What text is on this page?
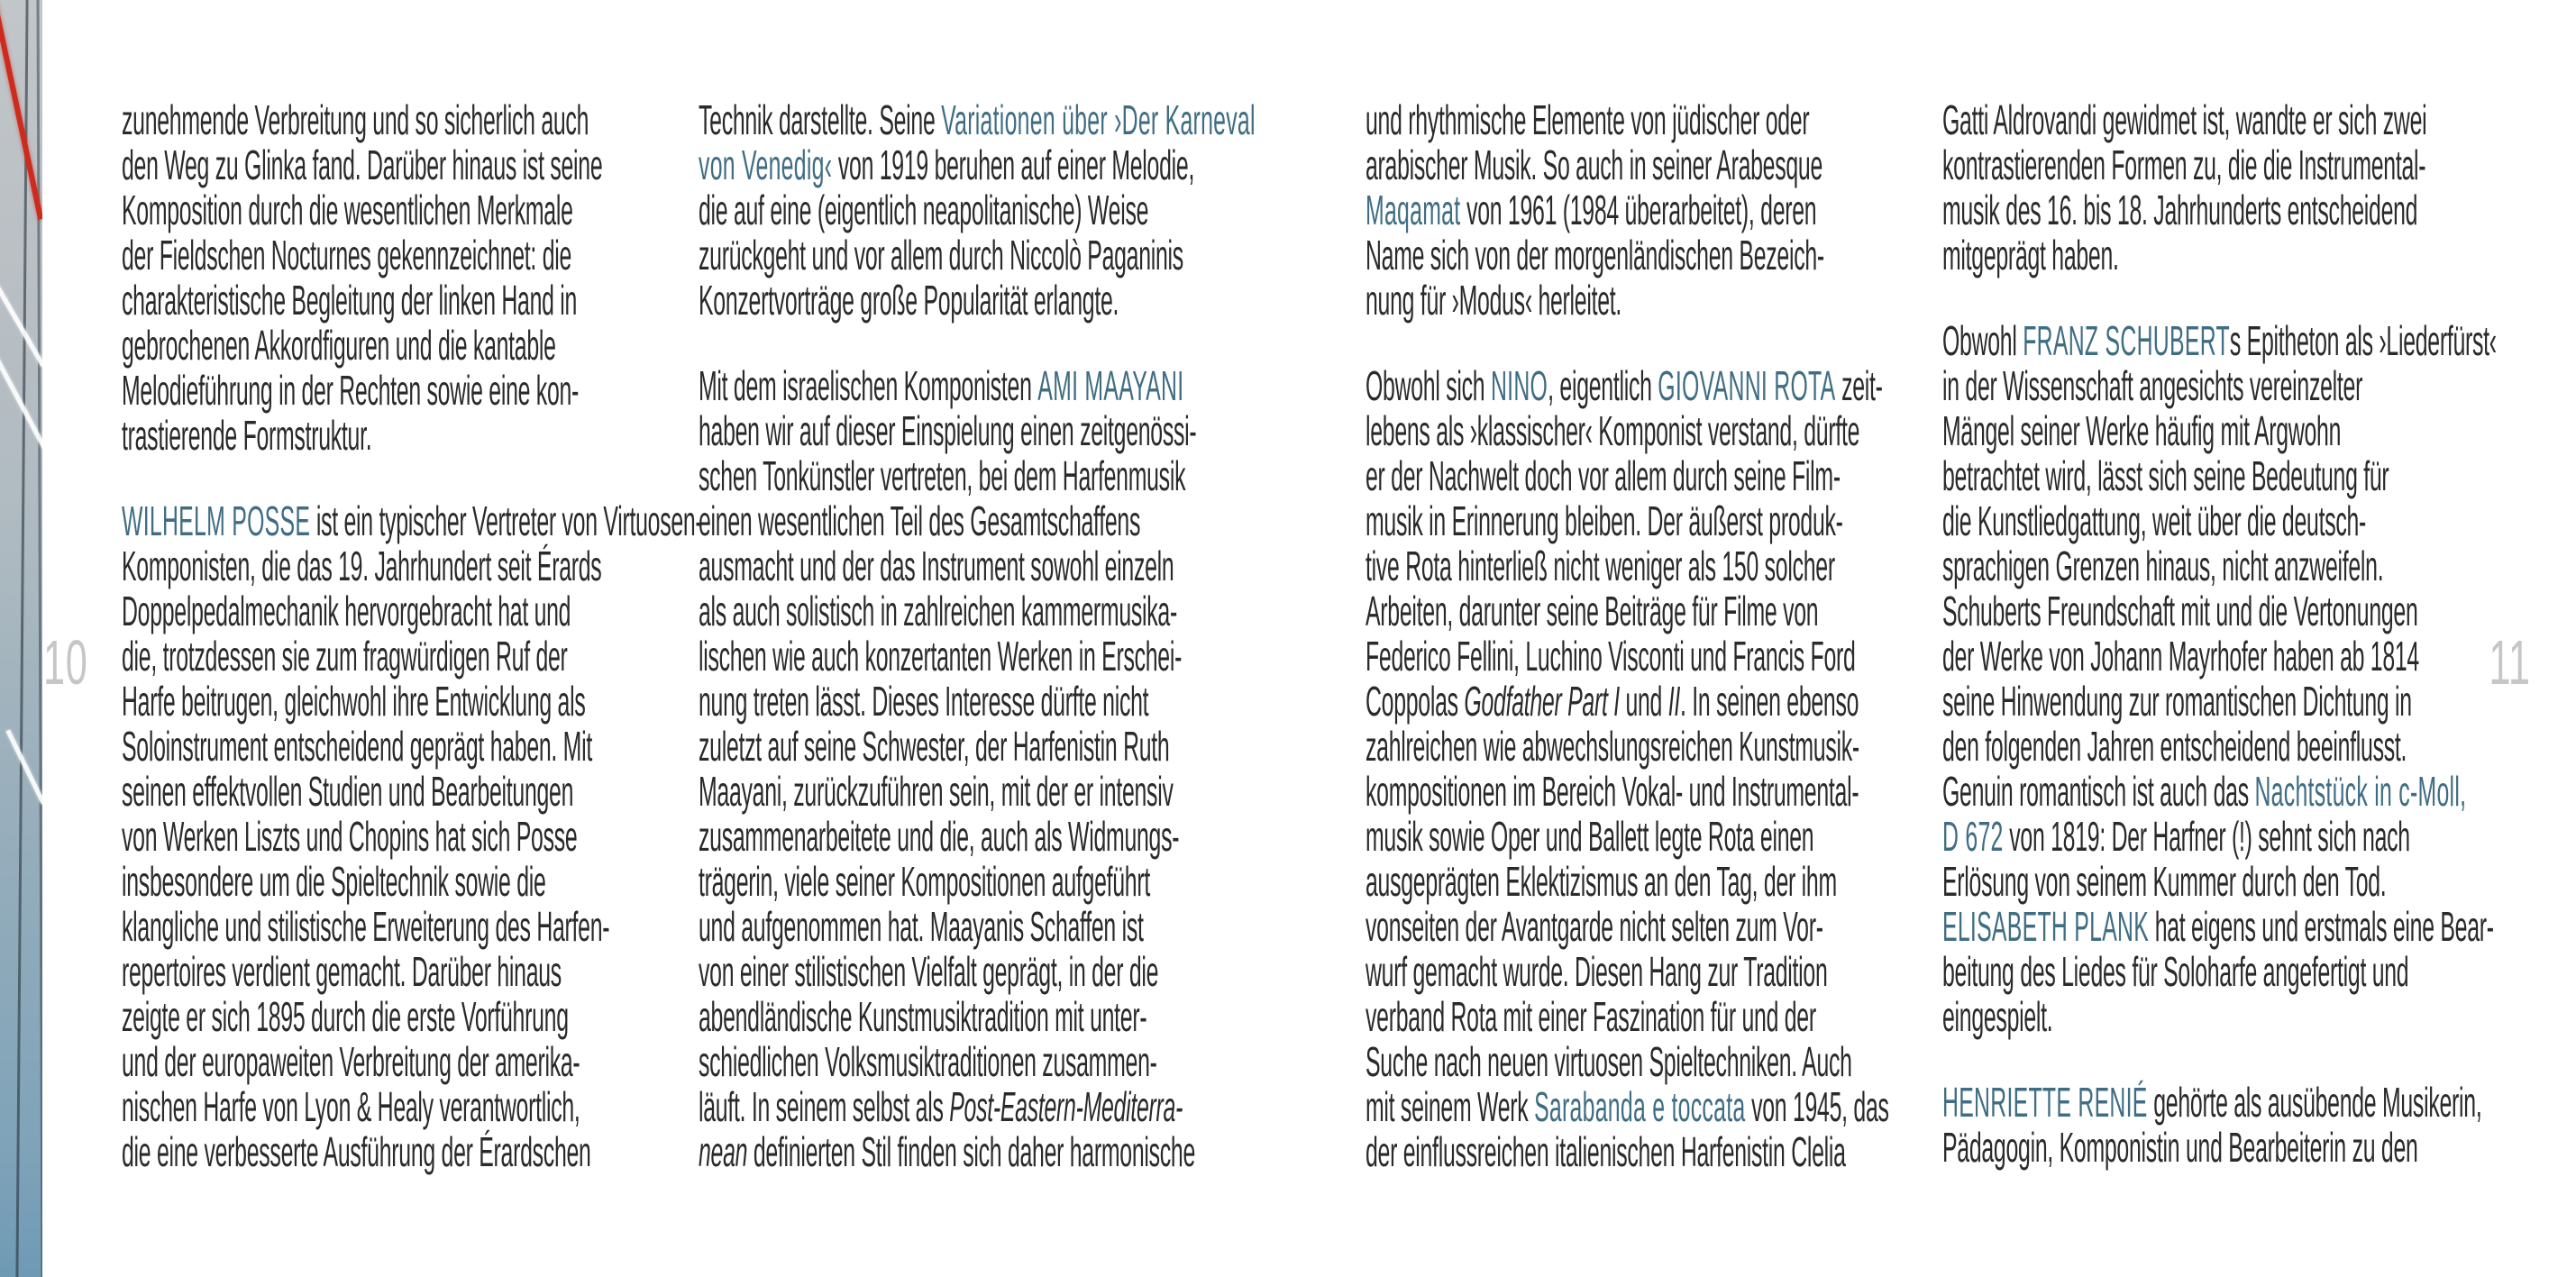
10	11
zunehmende Verbreitung und so sicherlich auch
den Weg zu Glinka fand. Darüber hinaus ist seine
Komposition durch die wesentlichen Merkmale
der Fieldschen Nocturnes gekennzeichnet: die
charakteristische Begleitung der linken Hand in
gebrochenen Akkordfiguren und die kantable
Melodieführung in der Rechten sowie eine kon-
trastierende Formstruktur.
WILHELM POSSE ist ein typischer Vertreter von Virtuosen-
Komponisten, die das 19. Jahrhundert seit Érards
Doppelpedalmechanik hervorgebracht hat und
die, trotzdessen sie zum fragwürdigen Ruf der
Harfe beitrugen, gleichwohl ihre Entwicklung als
Soloinstrument entscheidend geprägt haben. Mit
seinen effektvollen Studien und Bearbeitungen
von Werken Liszts und Chopins hat sich Posse
insbesondere um die Spieltechnik sowie die
klangliche und stilistische Erweiterung des Harfen-
repertoires verdient gemacht. Darüber hinaus
zeigte er sich 1895 durch die erste Vorführung
und der europaweiten Verbreitung der amerika-
nischen Harfe von Lyon & Healy verantwortlich,
die eine verbesserte Ausführung der Érardschen
Technik darstellte. Seine Variationen über ›Der Karneval
von Venedig‹ von 1919 beruhen auf einer Melodie,
die auf eine (eigentlich neapolitanische) Weise
zurückgeht und vor allem durch Niccolò Paganinis
Konzertvorträge große Popularität erlangte.
Mit dem israelischen Komponisten AMI MAAYANI
haben wir auf dieser Einspielung einen zeitgenössi-
schen Tonkünstler vertreten, bei dem Harfenmusik
einen wesentlichen Teil des Gesamtschaffens
ausmacht und der das Instrument sowohl einzeln
als auch solistisch in zahlreichen kammermusika-
lischen wie auch konzertanten Werken in Erschei-
nung treten lässt. Dieses Interesse dürfte nicht
zuletzt auf seine Schwester, der Harfenistin Ruth
Maayani, zurückzuführen sein, mit der er intensiv
zusammenarbeitete und die, auch als Widmungs-
trägerin, viele seiner Kompositionen aufgeführt
und aufgenommen hat. Maayanis Schaffen ist
von einer stilistischen Vielfalt geprägt, in der die
abendländische Kunstmusiktradition mit unter-
schiedlichen Volksmusiktraditionen zusammen-
läuft. In seinem selbst als Post-Eastern-Mediterra-
nean definierten Stil finden sich daher harmonische
und rhythmische Elemente von jüdischer oder
arabischer Musik. So auch in seiner Arabesque
Maqamat von 1961 (1984 überarbeitet), deren
Name sich von der morgenländischen Bezeich-
nung für ›Modus‹ herleitet.
Obwohl sich NINO, eigentlich GIOVANNI ROTA zeit-
lebens als ›klassischer‹ Komponist verstand, dürfte
er der Nachwelt doch vor allem durch seine Film-
musik in Erinnerung bleiben. Der äußerst produk-
tive Rota hinterließ nicht weniger als 150 solcher
Arbeiten, darunter seine Beiträge für Filme von
Federico Fellini, Luchino Visconti und Francis Ford
Coppolas Godfather Part I und II. In seinen ebenso
zahlreichen wie abwechslungsreichen Kunstmusik-
kompositionen im Bereich Vokal- und Instrumental-
musik sowie Oper und Ballett legte Rota einen
ausgeprägten Eklektizismus an den Tag, der ihm
vonseiten der Avantgarde nicht selten zum Vor-
wurf gemacht wurde. Diesen Hang zur Tradition
verband Rota mit einer Faszination für und der
Suche nach neuen virtuosen Spieltechniken. Auch
mit seinem Werk Sarabanda e toccata von 1945, das
der einflussreichen italienischen Harfenistin Clelia
Gatti Aldrovandi gewidmet ist, wandte er sich zwei
kontrastierenden Formen zu, die die Instrumental-
musik des 16. bis 18. Jahrhunderts entscheidend
mitgeprägt haben.
Obwohl FRANZ SCHUBERTs Epitheton als ›Liederfürst‹
in der Wissenschaft angesichts vereinzelter
Mängel seiner Werke häufig mit Argwohn
betrachtet wird, lässt sich seine Bedeutung für
die Kunstliedgattung, weit über die deutsch-
sprachigen Grenzen hinaus, nicht anzweifeln.
Schuberts Freundschaft mit und die Vertonungen
der Werke von Johann Mayrhofer haben ab 1814
seine Hinwendung zur romantischen Dichtung in
den folgenden Jahren entscheidend beeinflusst.
Genuin romantisch ist auch das Nachtstück in c-Moll,
D 672 von 1819: Der Harfner (!) sehnt sich nach
Erlösung von seinem Kummer durch den Tod.
ELISABETH PLANK hat eigens und erstmals eine Bear-
beitung des Liedes für Soloharfe angefertigt und
eingespielt.
HENRIETTE RENIÉ gehörte als ausübende Musikerin,
Pädagogin, Komponistin und Bearbeiterin zu den
